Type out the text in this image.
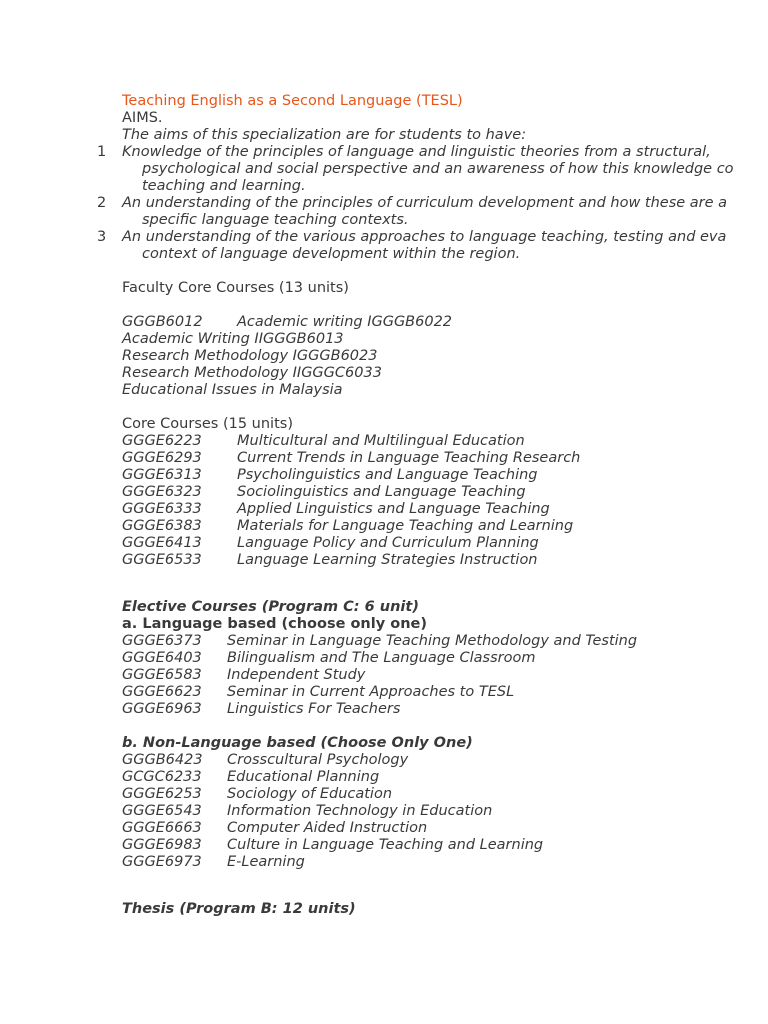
Teaching English as a Second Language (TESL)
AIMS.
The aims of this specialization are for students to have:
1 Knowledge of the principles of language and linguistic theories from a structural,
psychological and social perspective and an awareness of how this knowledge co
teaching and learning.
2 An understanding of the principles of curriculum development and how these are a
specific language teaching contexts.
3 An understanding of the various approaches to language teaching, testing and eva
context of language development within the region.
Faculty Core Courses (13 units)
GGGB6012 Academic writing IGGGB6022
Academic Writing IIGGGB6013
Research Methodology IGGGB6023
Research Methodology IIGGGC6033
Educational Issues in Malaysia
Core Courses (15 units)
GGGE6223 Multicultural and Multilingual Education
GGGE6293 Current Trends in Language Teaching Research
GGGE6313 Psycholinguistics and Language Teaching
GGGE6323 Sociolinguistics and Language Teaching
GGGE6333 Applied Linguistics and Language Teaching
GGGE6383 Materials for Language Teaching and Learning
GGGE6413 Language Policy and Curriculum Planning
GGGE6533 Language Learning Strategies Instruction
Elective Courses (Program C: 6 unit)
a. Language based (choose only one)
GGGE6373 Seminar in Language Teaching Methodology and Testing
GGGE6403 Bilingualism and The Language Classroom
GGGE6583 Independent Study
GGGE6623 Seminar in Current Approaches to TESL
GGGE6963 Linguistics For Teachers
b. Non-Language based (Choose Only One)
GGGB6423 Crosscultural Psychology
GCGC6233 Educational Planning
GGGE6253 Sociology of Education
GGGE6543 Information Technology in Education
GGGE6663 Computer Aided Instruction
GGGE6983 Culture in Language Teaching and Learning
GGGE6973 E-Learning
Thesis (Program B: 12 units)
